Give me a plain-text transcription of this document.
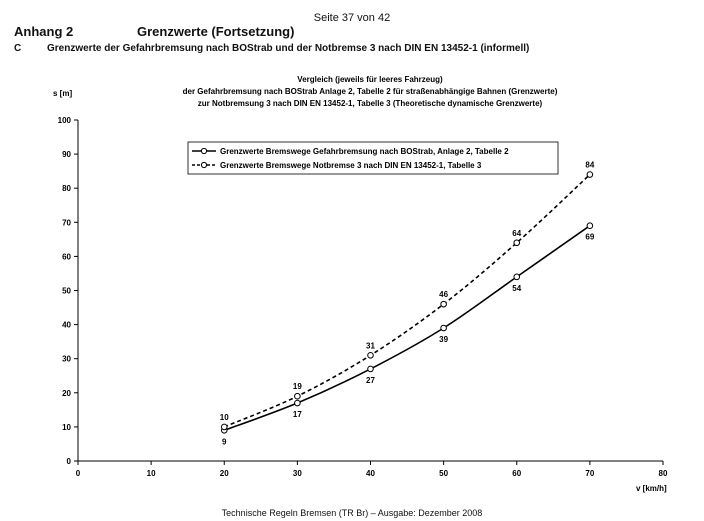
Seite 37 von 42
Anhang 2	Grenzwerte (Fortsetzung)
C	Grenzwerte der Gefahrbremsung nach BOStrab und der Notbremse 3 nach DIN EN 13452-1 (informell)
Vergleich (jeweils für leeres Fahrzeug)
der Gefahrbremsung nach BOStrab Anlage 2, Tabelle 2 für straßenabhängige Bahnen (Grenzwerte)
zur Notbremsung 3 nach DIN EN 13452-1, Tabelle 3 (Theoretische dynamische Grenzwerte)
0
10
20
30
40
50
60
70
80
90
100
0	10	20	30	40	50	60	70	80
s [m]
v [km/h]
9
17
27
39
54
69
10
19
31
46
64
84
Grenzwerte Bremswege Gefahrbremsung nach BOStrab, Anlage 2, Tabelle 2
Grenzwerte Bremswege Notbremse 3 nach DIN EN 13452-1, Tabelle 3
Technische Regeln Bremsen (TR Br) – Ausgabe: Dezember 2008
